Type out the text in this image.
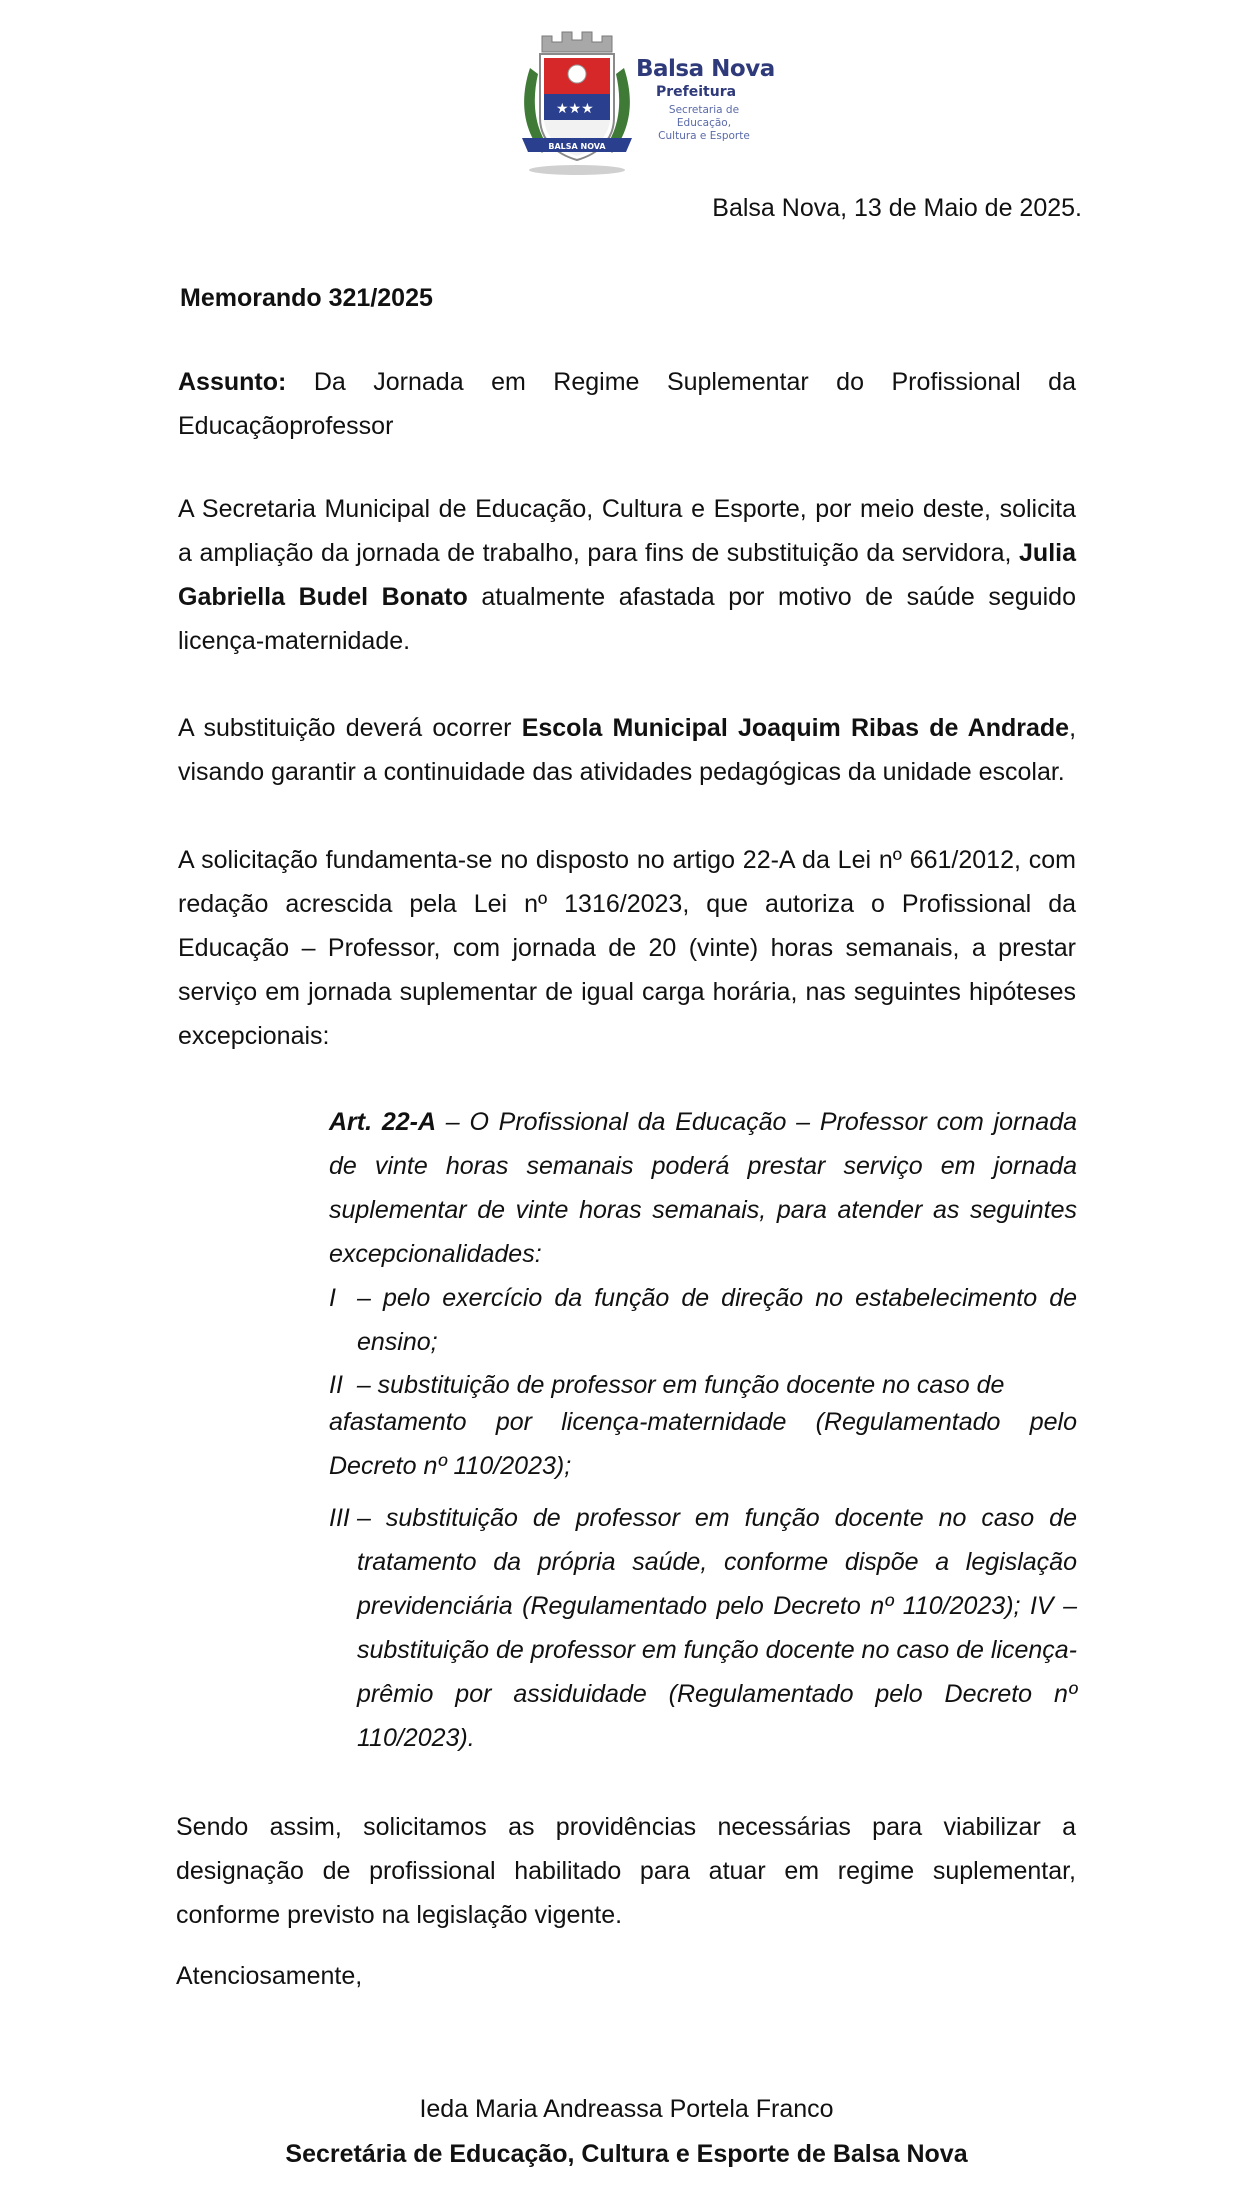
★★★
BALSA NOVA
Balsa Nova
Prefeitura
Secretaria de Educação,
Cultura e Esporte
Balsa Nova, 13 de Maio de 2025.
Memorando 321/2025
Assunto: Da Jornada em Regime Suplementar do Profissional da Educaçãoprofessor
A Secretaria Municipal de Educação, Cultura e Esporte, por meio deste, solicita a ampliação da jornada de trabalho, para fins de substituição da servidora, Julia Gabriella Budel Bonato atualmente afastada por motivo de saúde seguido licença-maternidade.
A substituição deverá ocorrer Escola Municipal Joaquim Ribas de Andrade, visando garantir a continuidade das atividades pedagógicas da unidade escolar.
A solicitação fundamenta-se no disposto no artigo 22-A da Lei nº 661/2012, com redação acrescida pela Lei nº 1316/2023, que autoriza o Profissional da Educação – Professor, com jornada de 20 (vinte) horas semanais, a prestar serviço em jornada suplementar de igual carga horária, nas seguintes hipóteses excepcionais:
Art. 22-A – O Profissional da Educação – Professor com jornada de vinte horas semanais poderá prestar serviço em jornada suplementar de vinte horas semanais, para atender as seguintes excepcionalidades:
I – pelo exercício da função de direção no estabelecimento de ensino;
II – substituição de professor em função docente no caso de
afastamento por licença-maternidade (Regulamentado pelo Decreto nº 110/2023);
III – substituição de professor em função docente no caso de tratamento da própria saúde, conforme dispõe a legislação previdenciária (Regulamentado pelo Decreto nº 110/2023); IV – substituição de professor em função docente no caso de licença-prêmio por assiduidade (Regulamentado pelo Decreto nº 110/2023).
Sendo assim, solicitamos as providências necessárias para viabilizar a designação de profissional habilitado para atuar em regime suplementar, conforme previsto na legislação vigente.
Atenciosamente,
Ieda Maria Andreassa Portela Franco
Secretária de Educação, Cultura e Esporte de Balsa Nova
